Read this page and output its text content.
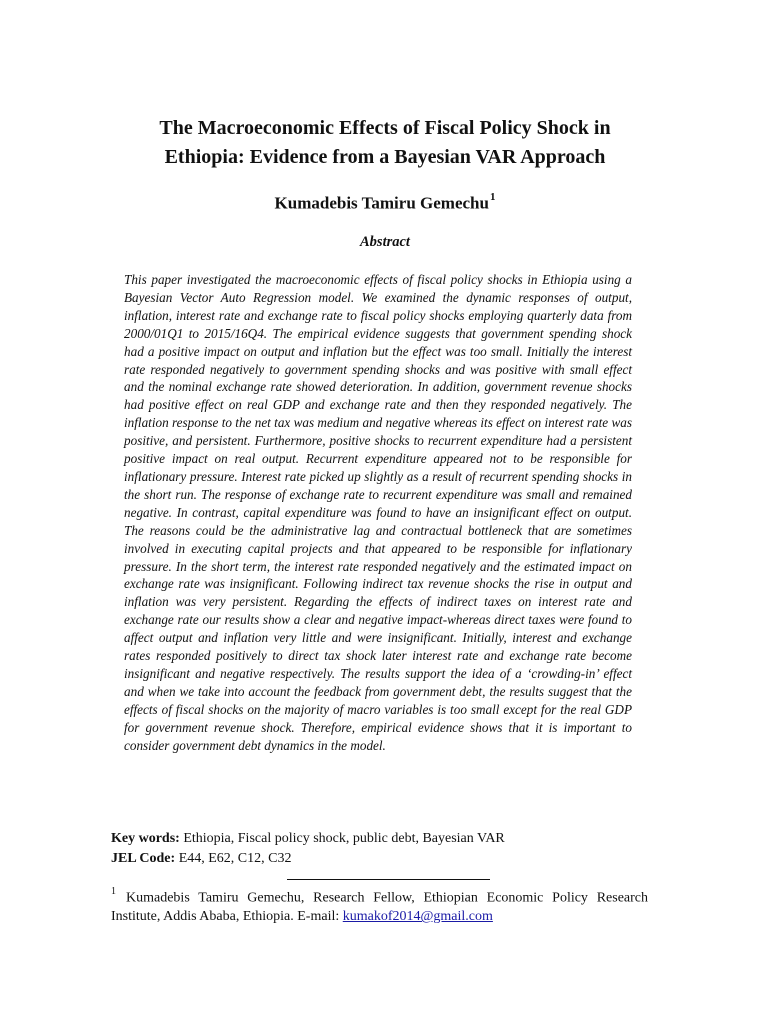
The Macroeconomic Effects of Fiscal Policy Shock in
Ethiopia: Evidence from a Bayesian VAR Approach
Kumadebis Tamiru Gemechu$^1$
Abstract

This paper investigated the macroeconomic effects of fiscal policy shocks in Ethiopia using a Bayesian Vector Auto Regression model. We examined the dynamic responses of output, inflation, interest rate and exchange rate to fiscal policy shocks employing quarterly data from 2000/01Q1 to 2015/16Q4. The empirical evidence suggests that government spending shock had a positive impact on output and inflation but the effect was too small. Initially the interest rate responded negatively to government spending shocks and was positive with small effect and the nominal exchange rate showed deterioration. In addition, government revenue shocks had positive effect on real GDP and exchange rate and then they responded negatively. The inflation response to the net tax was medium and negative whereas its effect on interest rate was positive, and persistent. Furthermore, positive shocks to recurrent expenditure had a persistent positive impact on real output. Recurrent expenditure appeared not to be responsible for inflationary pressure. Interest rate picked up slightly as a result of recurrent spending shocks in the short run. The response of exchange rate to recurrent expenditure was small and remained negative. In contrast, capital expenditure was found to have an insignificant effect on output. The reasons could be the administrative lag and contractual bottleneck that are sometimes involved in executing capital projects and that appeared to be responsible for inflationary pressure. In the short term, the interest rate responded negatively and the estimated impact on exchange rate was insignificant. Following indirect tax revenue shocks the rise in output and inflation was very persistent. Regarding the effects of indirect taxes on interest rate and exchange rate our results show a clear and negative impact-whereas direct taxes were found to affect output and inflation very little and were insignificant. Initially, interest and exchange rates responded positively to direct tax shock later interest rate and exchange rate become insignificant and negative respectively. The results support the idea of a ‘crowding-in’ effect and when we take into account the feedback from government debt, the results suggest that the effects of fiscal shocks on the majority of macro variables is too small except for the real GDP for government revenue shock. Therefore, empirical evidence shows that it is important to consider government debt dynamics in the model.

Key words: Ethiopia, Fiscal policy shock, public debt, Bayesian VAR
JEL Code: E44, E62, C12, C32
$^1$ Kumadebis Tamiru Gemechu, Research Fellow, Ethiopian Economic Policy Research Institute, Addis Ababa, Ethiopia. E-mail: kumakof2014@gmail.com
